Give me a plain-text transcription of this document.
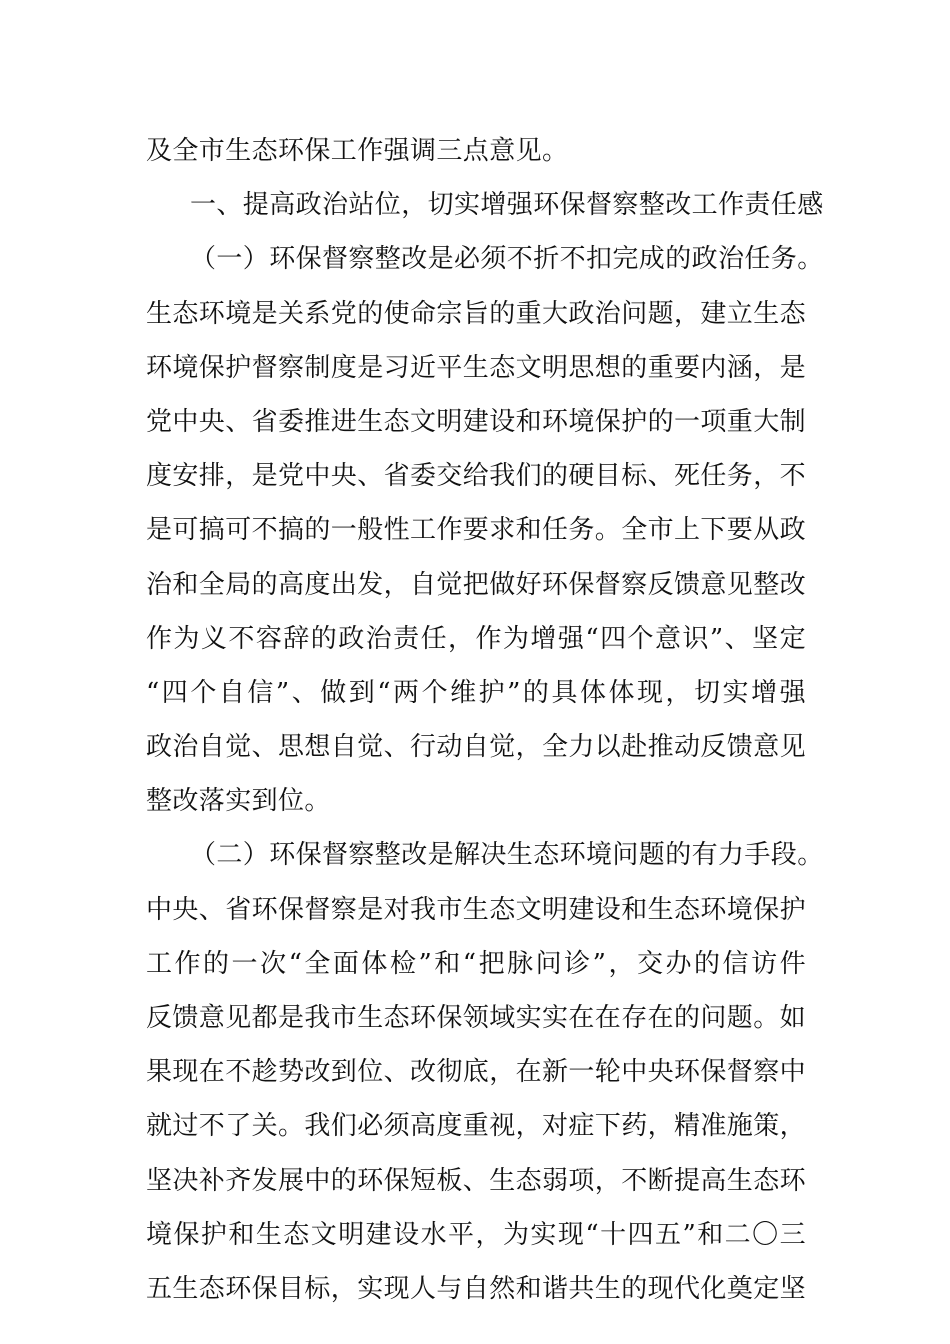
及全市生态环保工作强调三点意见。
一、提高政治站位，切实增强环保督察整改工作责任感
（一）环保督察整改是必须不折不扣完成的政治任务。
生态环境是关系党的使命宗旨的重大政治问题，建立生态
环境保护督察制度是习近平生态文明思想的重要内涵，是
党中央、省委推进生态文明建设和环境保护的一项重大制
度安排，是党中央、省委交给我们的硬目标、死任务，不
是可搞可不搞的一般性工作要求和任务。全市上下要从政
治和全局的高度出发，自觉把做好环保督察反馈意见整改
作为义不容辞的政治责任，作为增强“四个意识”、坚定
“四个自信”、做到“两个维护”的具体体现，切实增强
政治自觉、思想自觉、行动自觉，全力以赴推动反馈意见
整改落实到位。
（二）环保督察整改是解决生态环境问题的有力手段。
中央、省环保督察是对我市生态文明建设和生态环境保护
工作的一次“全面体检”和“把脉问诊”，交办的信访件
反馈意见都是我市生态环保领域实实在在存在的问题。如
果现在不趁势改到位、改彻底，在新一轮中央环保督察中
就过不了关。我们必须高度重视，对症下药，精准施策，
坚决补齐发展中的环保短板、生态弱项，不断提高生态环
境保护和生态文明建设水平，为实现“十四五”和二〇三
五生态环保目标，实现人与自然和谐共生的现代化奠定坚
